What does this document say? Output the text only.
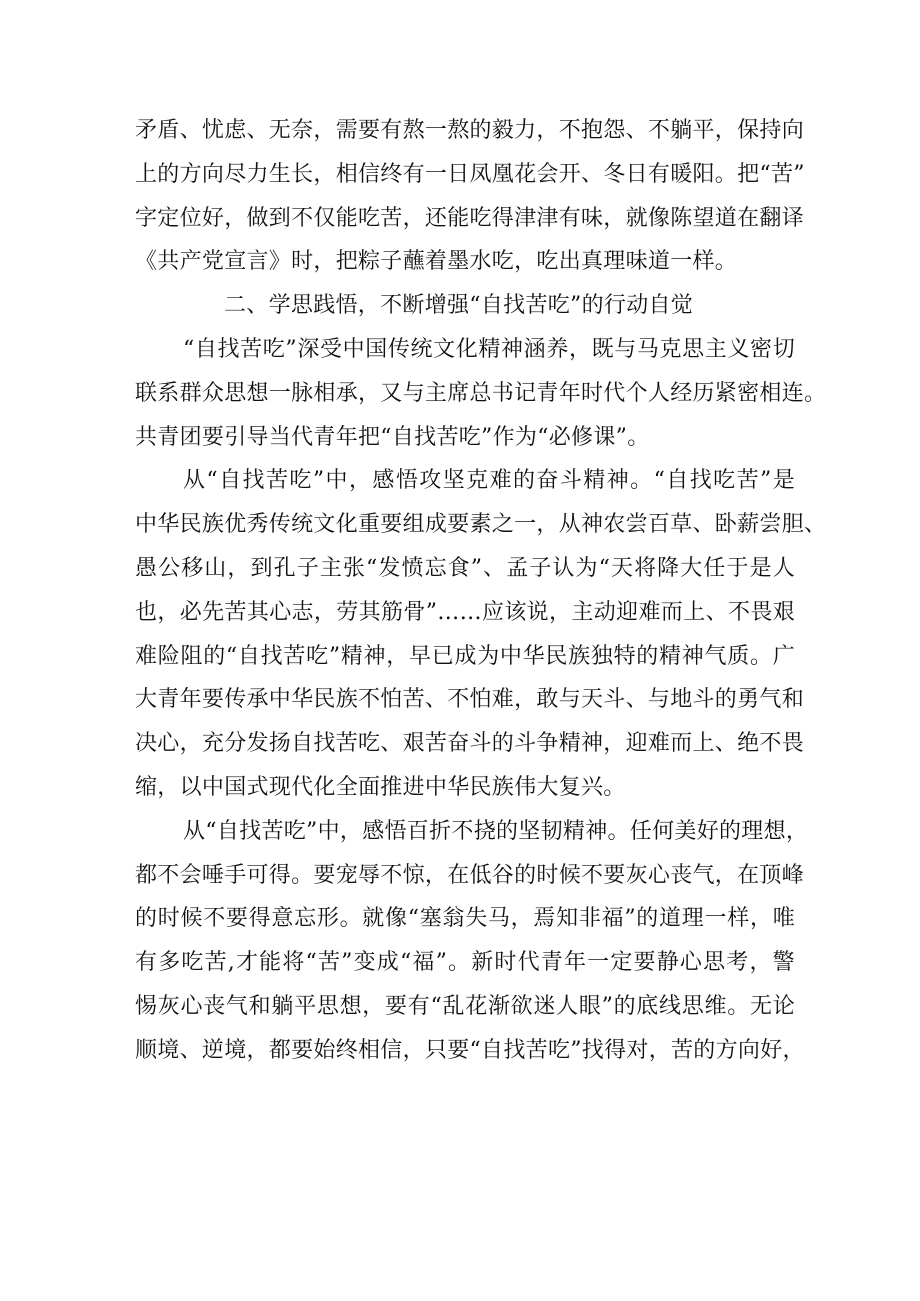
矛盾、忧虑、无奈，需要有熬一熬的毅力，不抱怨、不躺平，保持向
上的方向尽力生长，相信终有一日凤凰花会开、冬日有暖阳。把“苦”
字定位好，做到不仅能吃苦，还能吃得津津有味，就像陈望道在翻译
《共产党宣言》时，把粽子蘸着墨水吃，吃出真理味道一样。
二、学思践悟，不断增强“自找苦吃”的行动自觉
“自找苦吃”深受中国传统文化精神涵养，既与马克思主义密切
联系群众思想一脉相承，又与主席总书记青年时代个人经历紧密相连。
共青团要引导当代青年把“自找苦吃”作为“必修课”。
从“自找苦吃”中，感悟攻坚克难的奋斗精神。“自找吃苦”是
中华民族优秀传统文化重要组成要素之一，从神农尝百草、卧薪尝胆、
愚公移山，到孔子主张“发愤忘食”、孟子认为“天将降大任于是人
也，必先苦其心志，劳其筋骨”……应该说，主动迎难而上、不畏艰
难险阻的“自找苦吃”精神，早已成为中华民族独特的精神气质。广
大青年要传承中华民族不怕苦、不怕难，敢与天斗、与地斗的勇气和
决心，充分发扬自找苦吃、艰苦奋斗的斗争精神，迎难而上、绝不畏
缩，以中国式现代化全面推进中华民族伟大复兴。
从“自找苦吃”中，感悟百折不挠的坚韧精神。任何美好的理想，
都不会唾手可得。要宠辱不惊，在低谷的时候不要灰心丧气，在顶峰
的时候不要得意忘形。就像“塞翁失马，焉知非福”的道理一样，唯
有多吃苦,才能将“苦”变成“福”。新时代青年一定要静心思考，警
惕灰心丧气和躺平思想，要有“乱花渐欲迷人眼”的底线思维。无论
顺境、逆境，都要始终相信，只要“自找苦吃”找得对，苦的方向好，
